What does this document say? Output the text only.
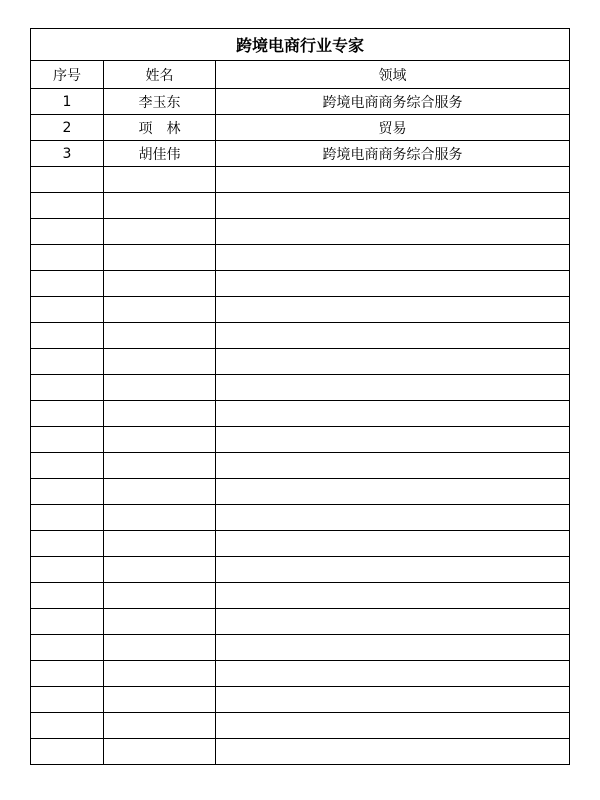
跨境电商行业专家		
序号	姓名	领域
1	李玉东	跨境电商商务综合服务
2	项　林	贸易
3	胡佳伟	跨境电商商务综合服务
